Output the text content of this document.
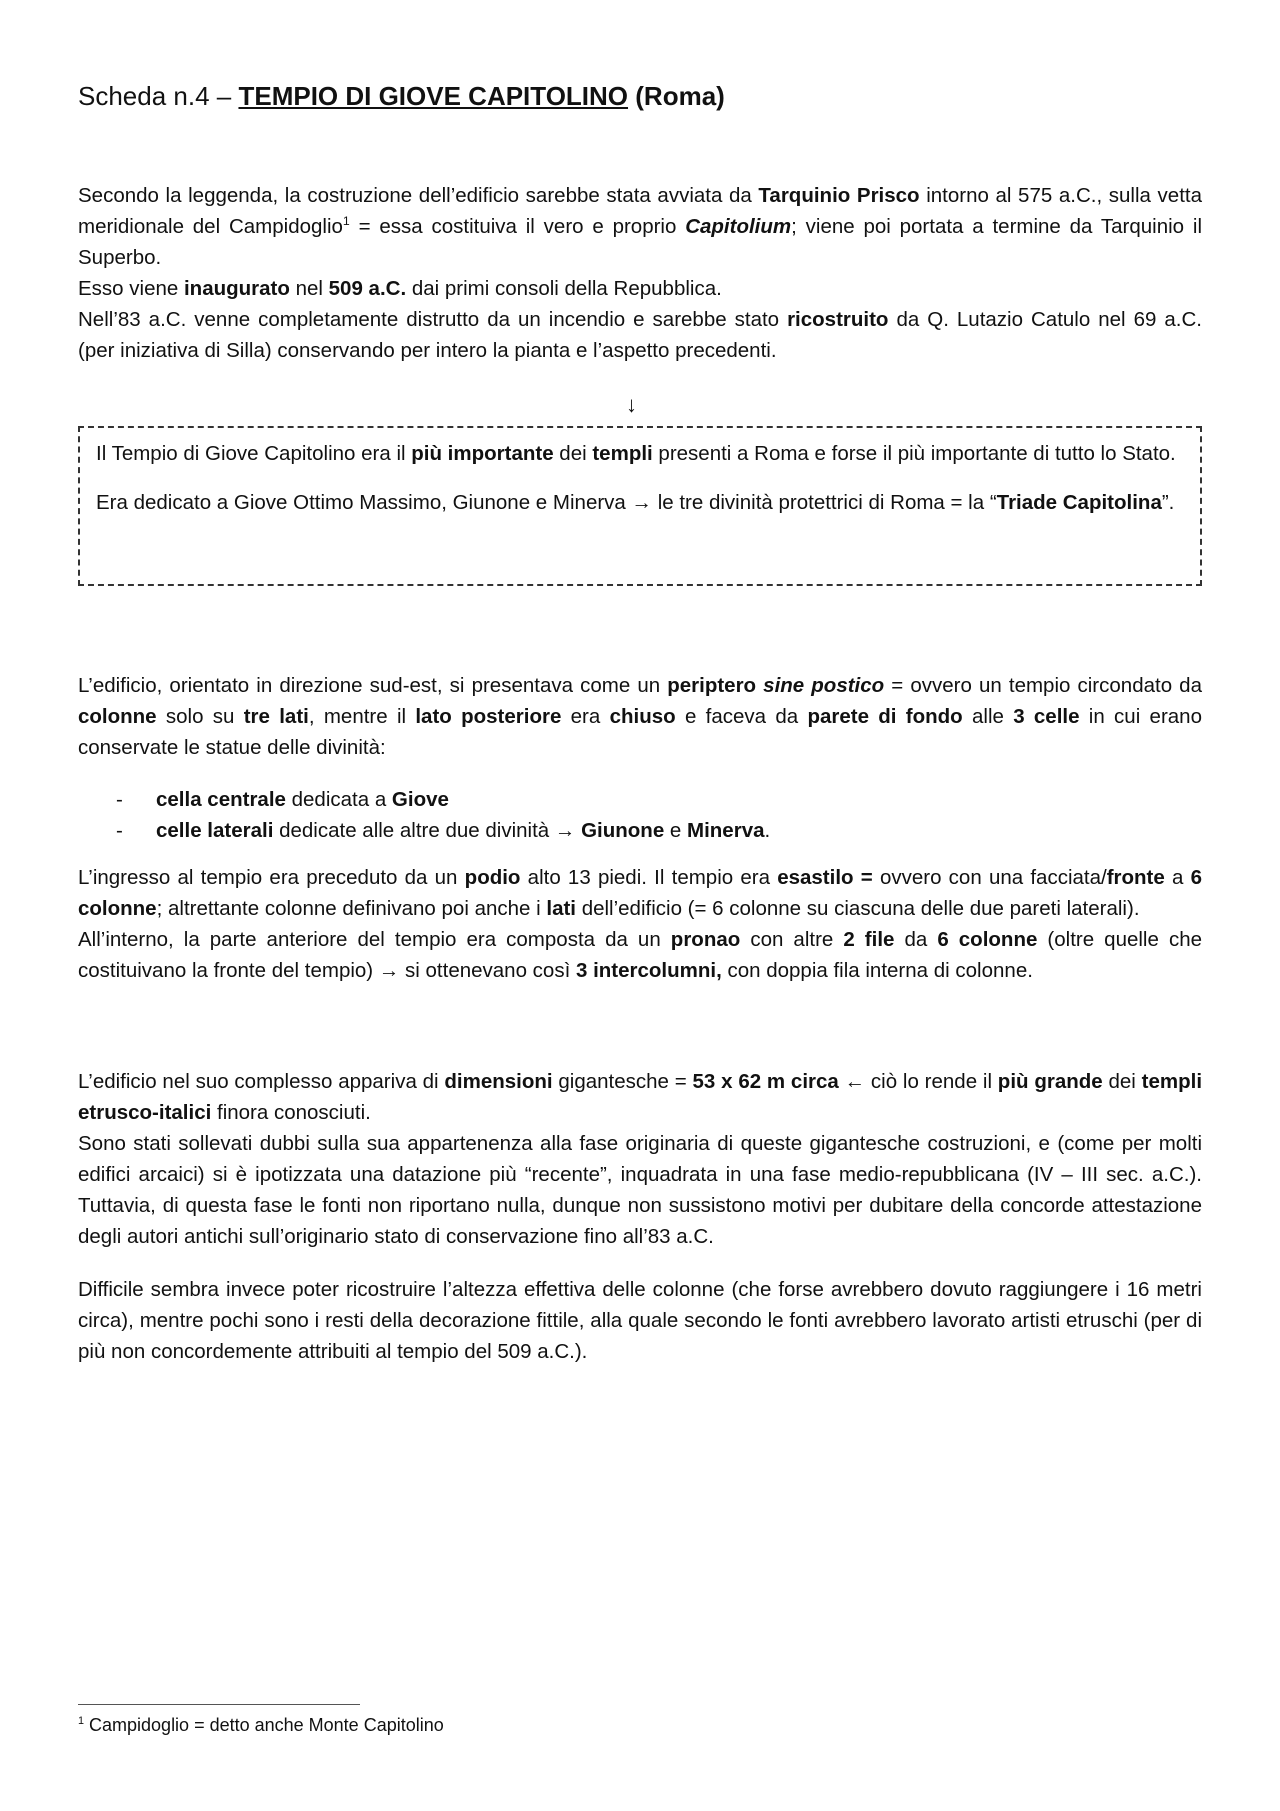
Scheda n.4 – TEMPIO DI GIOVE CAPITOLINO (Roma)

Secondo la leggenda, la costruzione dell’edificio sarebbe stata avviata da Tarquinio Prisco intorno al 575 a.C., sulla vetta meridionale del Campidoglio$^1$ = essa costituiva il vero e proprio Capitolium; viene poi portata a termine da Tarquinio il Superbo.

Esso viene inaugurato nel 509 a.C. dai primi consoli della Repubblica.

Nell’83 a.C. venne completamente distrutto da un incendio e sarebbe stato ricostruito da Q. Lutazio Catulo nel 69 a.C. (per iniziativa di Silla) conservando per intero la pianta e l’aspetto precedenti.

↓

Il Tempio di Giove Capitolino era il più importante dei templi presenti a Roma e forse il più importante di tutto lo Stato.

Era dedicato a Giove Ottimo Massimo, Giunone e Minerva → le tre divinità protettrici di Roma = la “Triade Capitolina”.

L’edificio, orientato in direzione sud-est, si presentava come un periptero sine postico = ovvero un tempio circondato da colonne solo su tre lati, mentre il lato posteriore era chiuso e faceva da parete di fondo alle 3 celle in cui erano conservate le statue delle divinità:

- cella centrale dedicata a Giove
- celle laterali dedicate alle altre due divinità → Giunone e Minerva.

L’ingresso al tempio era preceduto da un podio alto 13 piedi. Il tempio era esastilo = ovvero con una facciata/fronte a 6 colonne; altrettante colonne definivano poi anche i lati dell’edificio (= 6 colonne su ciascuna delle due pareti laterali).

All’interno, la parte anteriore del tempio era composta da un pronao con altre 2 file da 6 colonne (oltre quelle che costituivano la fronte del tempio) → si ottenevano così 3 intercolumni, con doppia fila interna di colonne.

L’edificio nel suo complesso appariva di dimensioni gigantesche = 53 x 62 m circa ← ciò lo rende il più grande dei templi etrusco-italici finora conosciuti.

Sono stati sollevati dubbi sulla sua appartenenza alla fase originaria di queste gigantesche costruzioni, e (come per molti edifici arcaici) si è ipotizzata una datazione più “recente”, inquadrata in una fase medio-repubblicana (IV – III sec. a.C.). Tuttavia, di questa fase le fonti non riportano nulla, dunque non sussistono motivi per dubitare della concorde attestazione degli autori antichi sull’originario stato di conservazione fino all’83 a.C.

Difficile sembra invece poter ricostruire l’altezza effettiva delle colonne (che forse avrebbero dovuto raggiungere i 16 metri circa), mentre pochi sono i resti della decorazione fittile, alla quale secondo le fonti avrebbero lavorato artisti etruschi (per di più non concordemente attribuiti al tempio del 509 a.C.).

$^1$ Campidoglio = detto anche Monte Capitolino
